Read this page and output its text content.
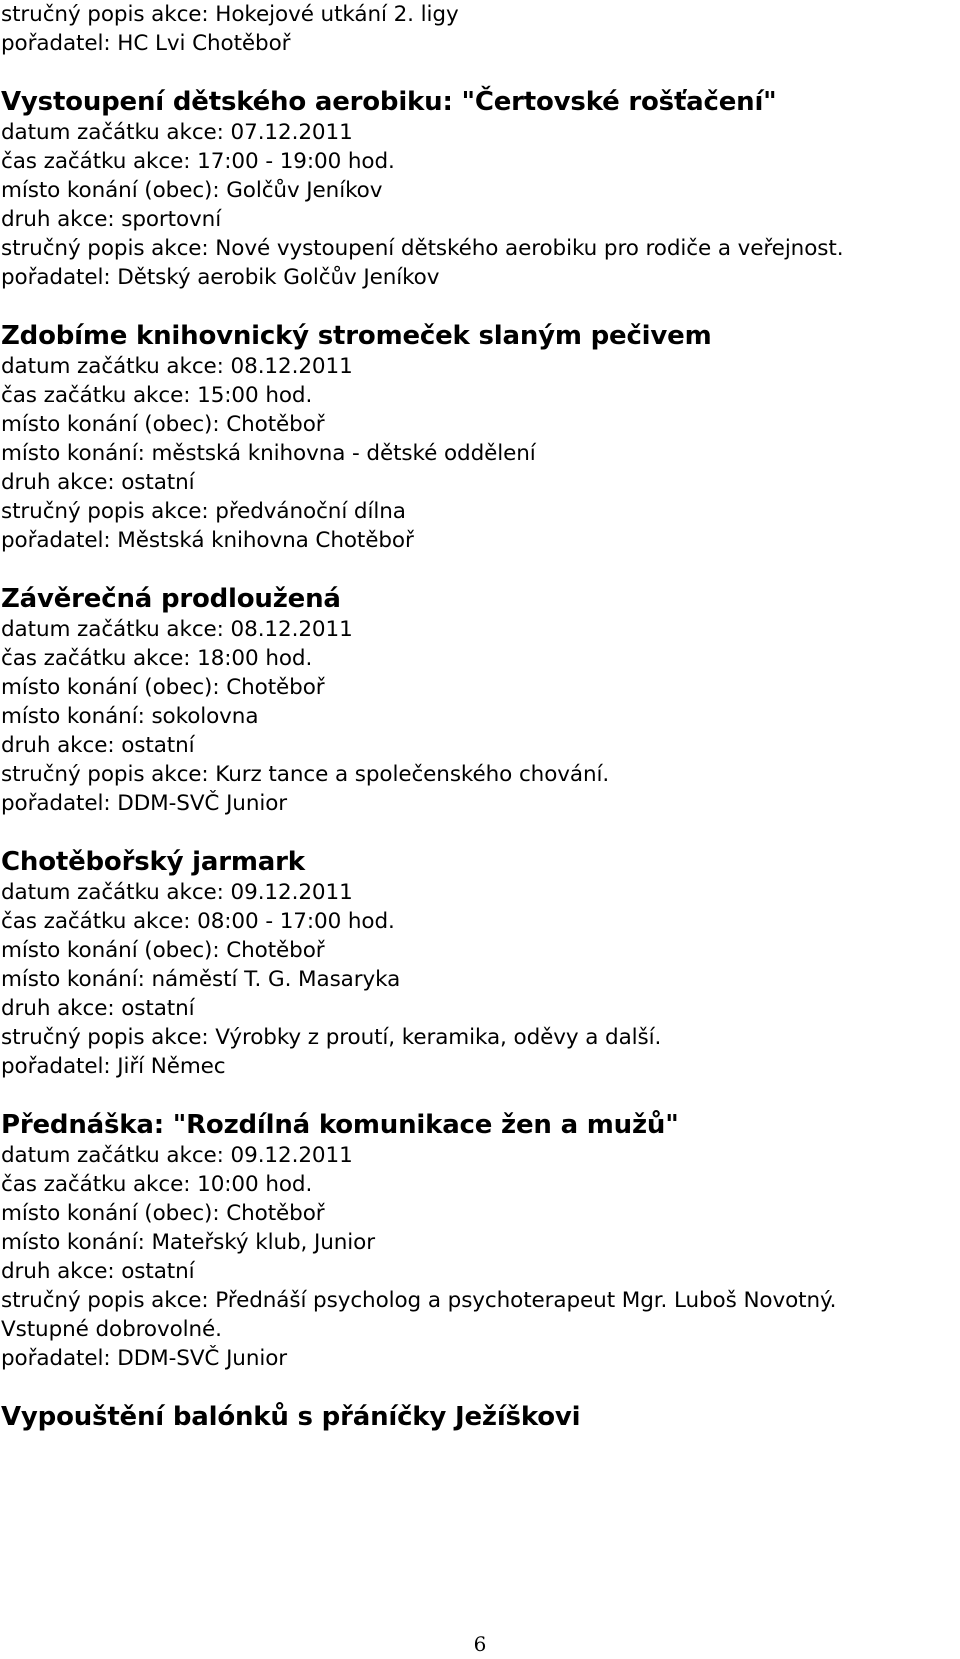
stručný popis akce: Hokejové utkání 2. ligy
pořadatel: HC Lvi Chotěboř
Vystoupení dětského aerobiku: "Čertovské rošťačení"
datum začátku akce: 07.12.2011
čas začátku akce: 17:00 - 19:00 hod.
místo konání (obec): Golčův Jeníkov
druh akce: sportovní
stručný popis akce: Nové vystoupení dětského aerobiku pro rodiče a veřejnost.
pořadatel: Dětský aerobik Golčův Jeníkov
Zdobíme knihovnický stromeček slaným pečivem
datum začátku akce: 08.12.2011
čas začátku akce: 15:00 hod.
místo konání (obec): Chotěboř
místo konání: městská knihovna - dětské oddělení
druh akce: ostatní
stručný popis akce: předvánoční dílna
pořadatel: Městská knihovna Chotěboř
Závěrečná prodloužená
datum začátku akce: 08.12.2011
čas začátku akce: 18:00 hod.
místo konání (obec): Chotěboř
místo konání: sokolovna
druh akce: ostatní
stručný popis akce: Kurz tance a společenského chování.
pořadatel: DDM-SVČ Junior
Chotěbořský jarmark
datum začátku akce: 09.12.2011
čas začátku akce: 08:00 - 17:00 hod.
místo konání (obec): Chotěboř
místo konání: náměstí T. G. Masaryka
druh akce: ostatní
stručný popis akce: Výrobky z proutí, keramika, oděvy a další.
pořadatel: Jiří Němec
Přednáška: "Rozdílná komunikace žen a mužů"
datum začátku akce: 09.12.2011
čas začátku akce: 10:00 hod.
místo konání (obec): Chotěboř
místo konání: Mateřský klub, Junior
druh akce: ostatní
stručný popis akce: Přednáší psycholog a psychoterapeut Mgr. Luboš Novotný.
Vstupné dobrovolné.
pořadatel: DDM-SVČ Junior
Vypouštění balónků s přáníčky Ježíškovi
6
